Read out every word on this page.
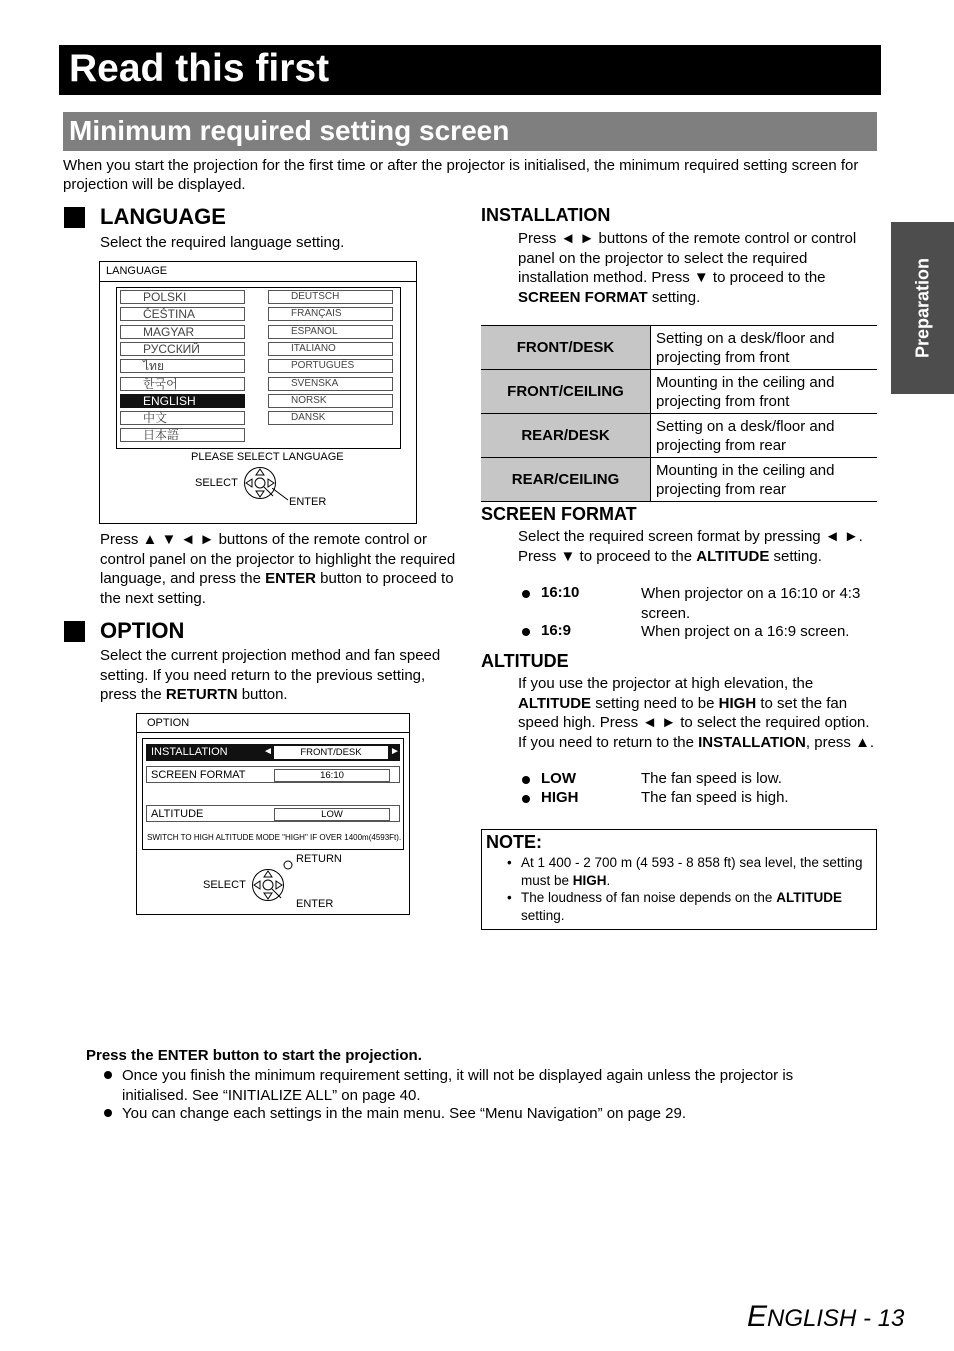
Read this first
Minimum required setting screen
When you start the projection for the first time or after the projector is initialised, the minimum required setting screen for projection will be displayed.
Preparation
LANGUAGE
Select the required language setting.
LANGUAGE
POLSKI
ČEŠTINA
MAGYAR
РУССКИЙ
ไทย
한국어
ENGLISH
中文
日本語
DEUTSCH
FRANÇAIS
ESPAÑOL
ITALIANO
PORTUGUÊS
SVENSKA
NORSK
DANSK
PLEASE SELECT LANGUAGE
SELECT
ENTER
Press ▲ ▼ ◄ ► buttons of the remote control or control panel on the projector to highlight the required language, and press the ENTER button to proceed to the next setting.
OPTION
Select the current projection method and fan speed setting. If you need return to the previous setting, press the RETURTN button.
OPTION
INSTALLATION	◄	FRONT/DESK	►
SCREEN FORMAT	16:10
ALTITUDE	LOW
SWITCH TO HIGH ALTITUDE MODE "HIGH" IF OVER 1400m(4593Ft).
RETURN
SELECT
ENTER
INSTALLATION
Press ◄ ► buttons of the remote control or control panel on the projector to select the required installation method. Press ▼ to proceed to the SCREEN FORMAT setting.
FRONT/DESK	Setting on a desk/floor and projecting from front
FRONT/CEILING	Mounting in the ceiling and projecting from front
REAR/DESK	Setting on a desk/floor and projecting from rear
REAR/CEILING	Mounting in the ceiling and projecting from rear
SCREEN FORMAT
Select the required screen format by pressing ◄ ►. Press ▼ to proceed to the ALTITUDE setting.
16:10	When projector on a 16:10 or 4:3 screen.
16:9	When project on a 16:9 screen.
ALTITUDE
If you use the projector at high elevation, the ALTITUDE setting need to be HIGH to set the fan speed high. Press ◄ ► to select the required option. If you need to return to the INSTALLATION, press ▲.
LOW	The fan speed is low.
HIGH	The fan speed is high.
NOTE:
• At 1 400 - 2 700 m (4 593 - 8 858 ft) sea level, the setting must be HIGH.
• The loudness of fan noise depends on the ALTITUDE setting.
Press the ENTER button to start the projection.
Once you finish the minimum requirement setting, it will not be displayed again unless the projector is initialised. See “INITIALIZE ALL” on page 40.
You can change each settings in the main menu. See “Menu Navigation” on page 29.
ENGLISH - 13
